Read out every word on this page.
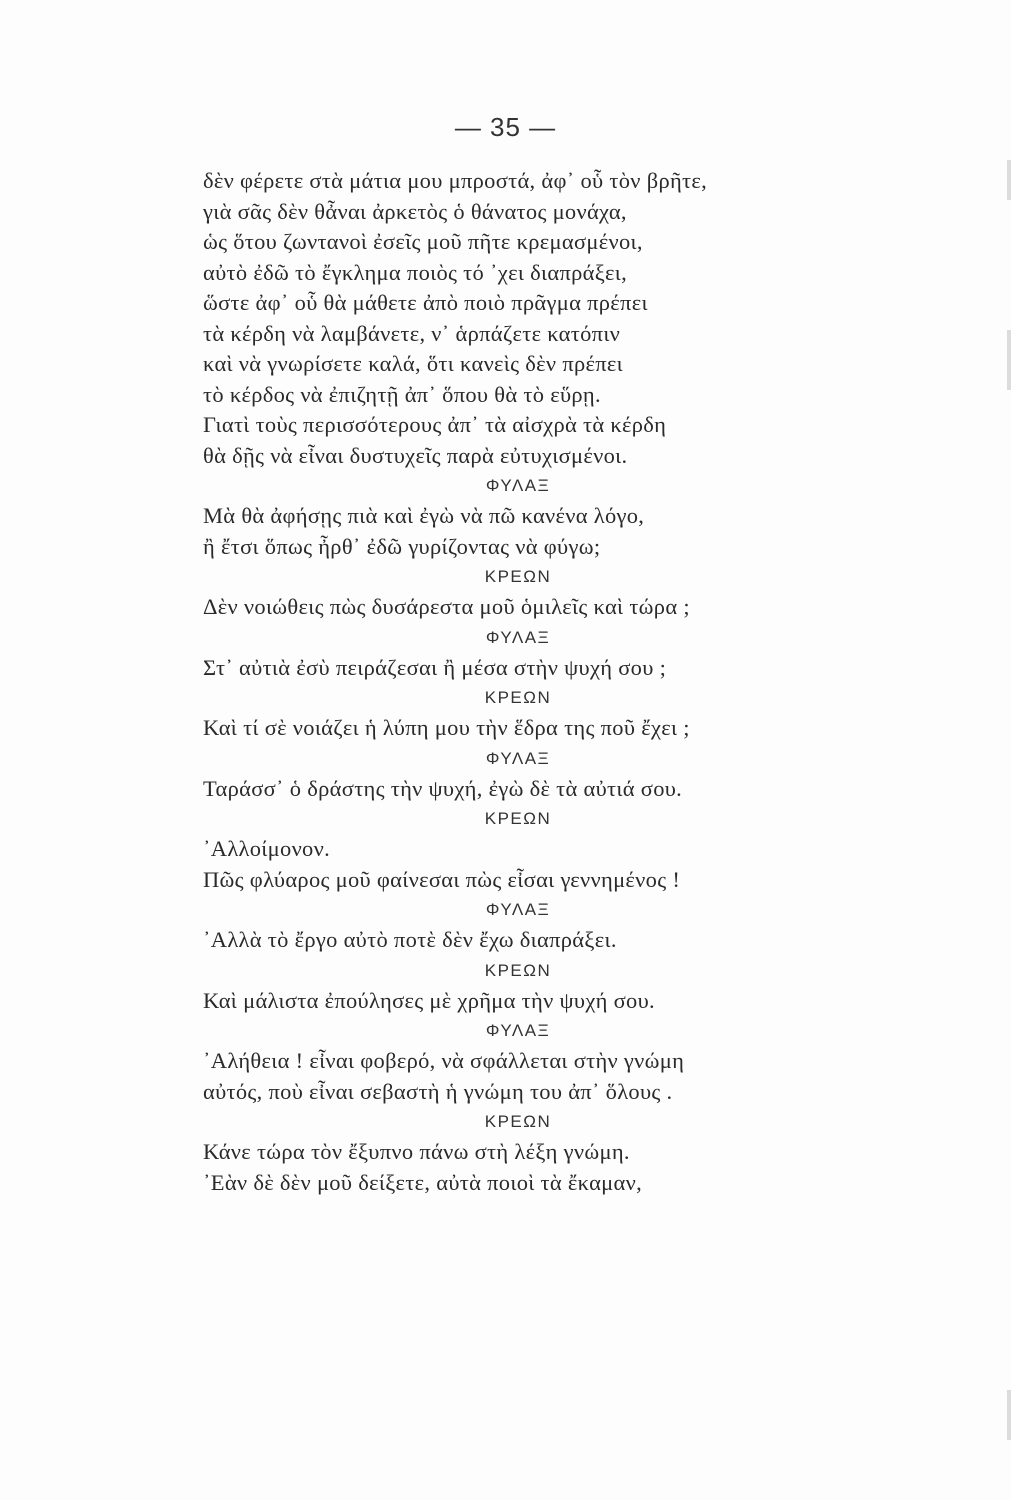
— 35 —
δὲν φέρετε στὰ μάτια μου μπροστά, ἀφ᾽ οὗ τὸν βρῆτε,
γιὰ σᾶς δὲν θἆναι ἀρκετὸς ὁ θάνατος μονάχα,
ὡς ὅτου ζωντανοὶ ἐσεῖς μοῦ πῆτε κρεμασμένοι,
αὐτὸ ἐδῶ τὸ ἔγκλημα ποιὸς τό ᾽χει διαπράξει,
ὥστε ἀφ᾽ οὗ θὰ μάθετε ἀπὸ ποιὸ πρᾶγμα πρέπει
τὰ κέρδη νὰ λαμβάνετε, ν᾽ ἁρπάζετε κατόπιν
καὶ νὰ γνωρίσετε καλά, ὅτι κανεὶς δὲν πρέπει
τὸ κέρδος νὰ ἐπιζητῇ ἀπ᾽ ὅπου θὰ τὸ εὕρῃ.
Γιατὶ τοὺς περισσότερους ἀπ᾽ τὰ αἰσχρὰ τὰ κέρδη
θὰ δῇς νὰ εἶναι δυστυχεῖς παρὰ εὐτυχισμένοι.
ΦΥΛΑΞ
Μὰ θὰ ἀφήσῃς πιὰ καὶ ἐγὼ νὰ πῶ κανένα λόγο,
ἢ ἔτσι ὅπως ἦρθ᾽ ἐδῶ γυρίζοντας νὰ φύγω;
ΚΡΕΩΝ
Δὲν νοιώθεις πὼς δυσάρεστα μοῦ ὁμιλεῖς καὶ τώρα ;
ΦΥΛΑΞ
Στ᾽ αὐτιὰ ἐσὺ πειράζεσαι ἢ μέσα στὴν ψυχή σου ;
ΚΡΕΩΝ
Καὶ τί σὲ νοιάζει ἡ λύπη μου τὴν ἕδρα της ποῦ ἔχει ;
ΦΥΛΑΞ
Ταράσσ᾽ ὁ δράστης τὴν ψυχή, ἐγὼ δὲ τὰ αὐτιά σου.
ΚΡΕΩΝ
᾽Αλλοίμονον.
Πῶς φλύαρος μοῦ φαίνεσαι πὼς εἶσαι γεννημένος !
ΦΥΛΑΞ
᾽Αλλὰ τὸ ἔργο αὐτὸ ποτὲ δὲν ἔχω διαπράξει.
ΚΡΕΩΝ
Καὶ μάλιστα ἐπούλησες μὲ χρῆμα τὴν ψυχή σου.
ΦΥΛΑΞ
᾽Αλήθεια ! εἶναι φοβερό, νὰ σφάλλεται στὴν γνώμη
αὐτός, ποὺ εἶναι σεβαστὴ ἡ γνώμη του ἀπ᾽ ὅλους .
ΚΡΕΩΝ
Κάνε τώρα τὸν ἔξυπνο πάνω στὴ λέξη γνώμη.
᾽Εὰν δὲ δὲν μοῦ δείξετε, αὐτὰ ποιοὶ τὰ ἔκαμαν,
